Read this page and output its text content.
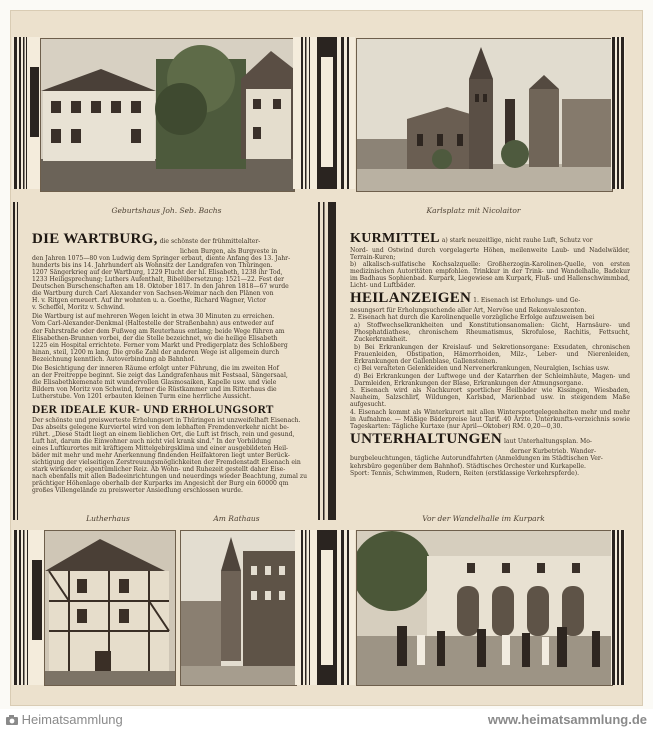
Geburtshaus Joh. Seb. Bachs	Karlsplatz mit Nicolaitor

DIE WARTBURG, die schönste der frühmittelalter-

lichen Burgen, als Burgveste in

den Jahren 1075—80 von Ludwig dem Springer erbaut, diente Anfang des 13. Jahr-

hunderts bis ins 14. Jahrhundert als Wohnsitz der Landgrafen von Thüringen.

1207 Sängerkrieg auf der Wartburg, 1229 Flucht der hl. Elisabeth, 1238 ihr Tod,

1233 Heiligsprechung; Luthers Aufenthalt, Bibelübersetzung: 1521—22. Fest der

Deutschen Burschenschaften am 18. Oktober 1817. In den Jahren 1818—67 wurde

die Wartburg durch Carl Alexander von Sachsen-Weimar nach den Plänen von

H. v. Ritgen erneuert. Auf ihr wohnten u. a. Goethe, Richard Wagner, Victor

v. Scheffel, Moritz v. Schwind.

Die Wartburg ist auf mehreren Wegen leicht in etwa 30 Minuten zu erreichen.

Vom Carl-Alexander-Denkmal (Haltestelle der Straßenbahn) aus entweder auf

der Fahrstraße oder dem Fußweg am Reuterhaus entlang; beide Wege führen am

Elisabethen-Brunnen vorbei, der die Stelle bezeichnet, wo die heilige Elisabeth

1225 ein Hospital errichtete. Ferner vom Markt und Predigerplatz des Schloßberg

hinan, steil, 1200 m lang. Die große Zahl der anderen Wege ist allgemein durch

Bezeichnung kenntlich. Autoverbindung ab Bahnhof.

Die Besichtigung der inneren Räume erfolgt unter Führung, die im zweiten Hof

an der Freitreppe beginnt. Sie zeigt das Landgrafenhaus mit Festsaal, Sängersaal,

die Elisabethkemenate mit wundervollen Glasmosaiken, Kapelle usw. und viele

Bildern von Moritz von Schwind, ferner die Rüstkammer und im Ritterhaus die

Lutherstube. Von 1201 erbauten kleinen Turm eine herrliche Aussicht.

DER IDEALE KUR- UND ERHOLUNGSORT

Der schönste und preiswerteste Erholungsort in Thüringen ist unzweifelhaft Eisenach.

Das abseits gelegene Kurviertel wird von dem lebhaften Fremdenverkehr nicht be-

rührt. „Diese Stadt liegt an einem lieblichen Ort, die Luft ist frisch, rein und gesund,

Luft hat, darum die Einwohner auch nicht viel krank sind.“ In der Vorbildung

eines Luftkurortes mit kräftigem Mittelgebirgsklima und einer ausgebildeten Heil-

bäder mit mehr und mehr Anerkennung findenden Heilfaktoren liegt unter Berück-

sichtigung der vielseitigen Zerstreuungsmöglichkeiten der Fremdenstadt Eisenach ein

stark wirkender, eigentümlicher Reiz. Ab Wohn- und Ruhezeit gestellt daher Eise-

nach ebenfalls mit allen Badeeinrichtungen und neuerdings wieder Beachtung, zumal zu

prächtiger Höhenlage oberhalb der Kurparks im Angesicht der Burg ein 60000 qm

großes Villengelände zu preiswerter Ansiedlung erschlossen wurde.

KURMITTEL a) stark neuzeitlige, nicht rauhe Luft, Schutz vor

Nord- und Ostwind durch vorgelagerte Höhen, meilenweite Laub- und Nadelwälder, Terrain-Kuren;

b) alkalisch-sulfatische Kochsalzquelle: Großherzogin-Karolinen-Quelle, von ersten medizinischen Autoritäten empfohlen. Trinkkur in der Trink- und Wandelhalle, Badekur im Badhaus Sophienbad. Kurpark, Liegewiese am Kurpark, Fluß- und Hallenschwimmbad, Licht- und Luftbäder.

HEILANZEIGEN 1. Eisenach ist Erholungs- und Ge-

nesungsort für Erholungsuchende aller Art, Nervöse und Rekonvaleszenten.

2. Eisenach hat durch die Karolinenquelle vorzügliche Erfolge aufzuweisen bei

a) Stoffwechselkrankheiten und Konstitutionsanomalien: Gicht, Harnsäure- und Phosphatdiathese, chronischem Rheumatismus, Skrofulose, Rachitis, Fettsucht, Zuckerkrankheit.

b) Bei Erkrankungen der Kreislauf- und Sekretionsorgane: Exsudaten, chronischen Frauenleiden, Obstipation, Hämorrhoiden, Milz-, Leber- und Nierenleiden, Erkrankungen der Gallenblase, Gallensteinen.

c) Bei veralteten Gelenkleiden und Nervenerkrankungen, Neuralgien, Ischias usw.

d) Bei Erkrankungen der Luftwege und der Katarrhen der Schleimhäute, Magen- und Darmleiden, Erkrankungen der Blase, Erkrankungen der Atmungsorgane.

3. Eisenach wird als Nachkurort sportlicher Heilbäder wie Kissingen, Wiesbaden, Nauheim, Salzschlirf, Wildungen, Karlsbad, Marienbad usw. in steigendem Maße aufgesucht.

4. Eisenach kommt als Winterkurort mit allen Wintersportgelegenheiten mehr und mehr in Aufnahme. — Mäßige Bäderpreise laut Tarif. 40 Ärzte. Unterkunfts-verzeichnis sowie Tageskarten: Tägliche Kurtaxe (nur April—Oktober) RM. 0,20—0,30.

UNTERHALTUNGEN laut Unterhaltungsplan. Mo-

derner Kurbetrieb. Wander-

burgbeleuchtungen, tägliche Autorundfahrten (Anmeldungen im Städtischen Ver-

kehrsbüro gegenüber dem Bahnhof). Städtisches Orchester und Kurkapelle.

Sport: Tennis, Schwimmen, Rudern, Reiten (erstklassige Verkehrspferde).

Lutherhaus	Am Rathaus	Vor der Wandelhalle im Kurpark
Heimatsammlung	www.heimatsammlung.de
